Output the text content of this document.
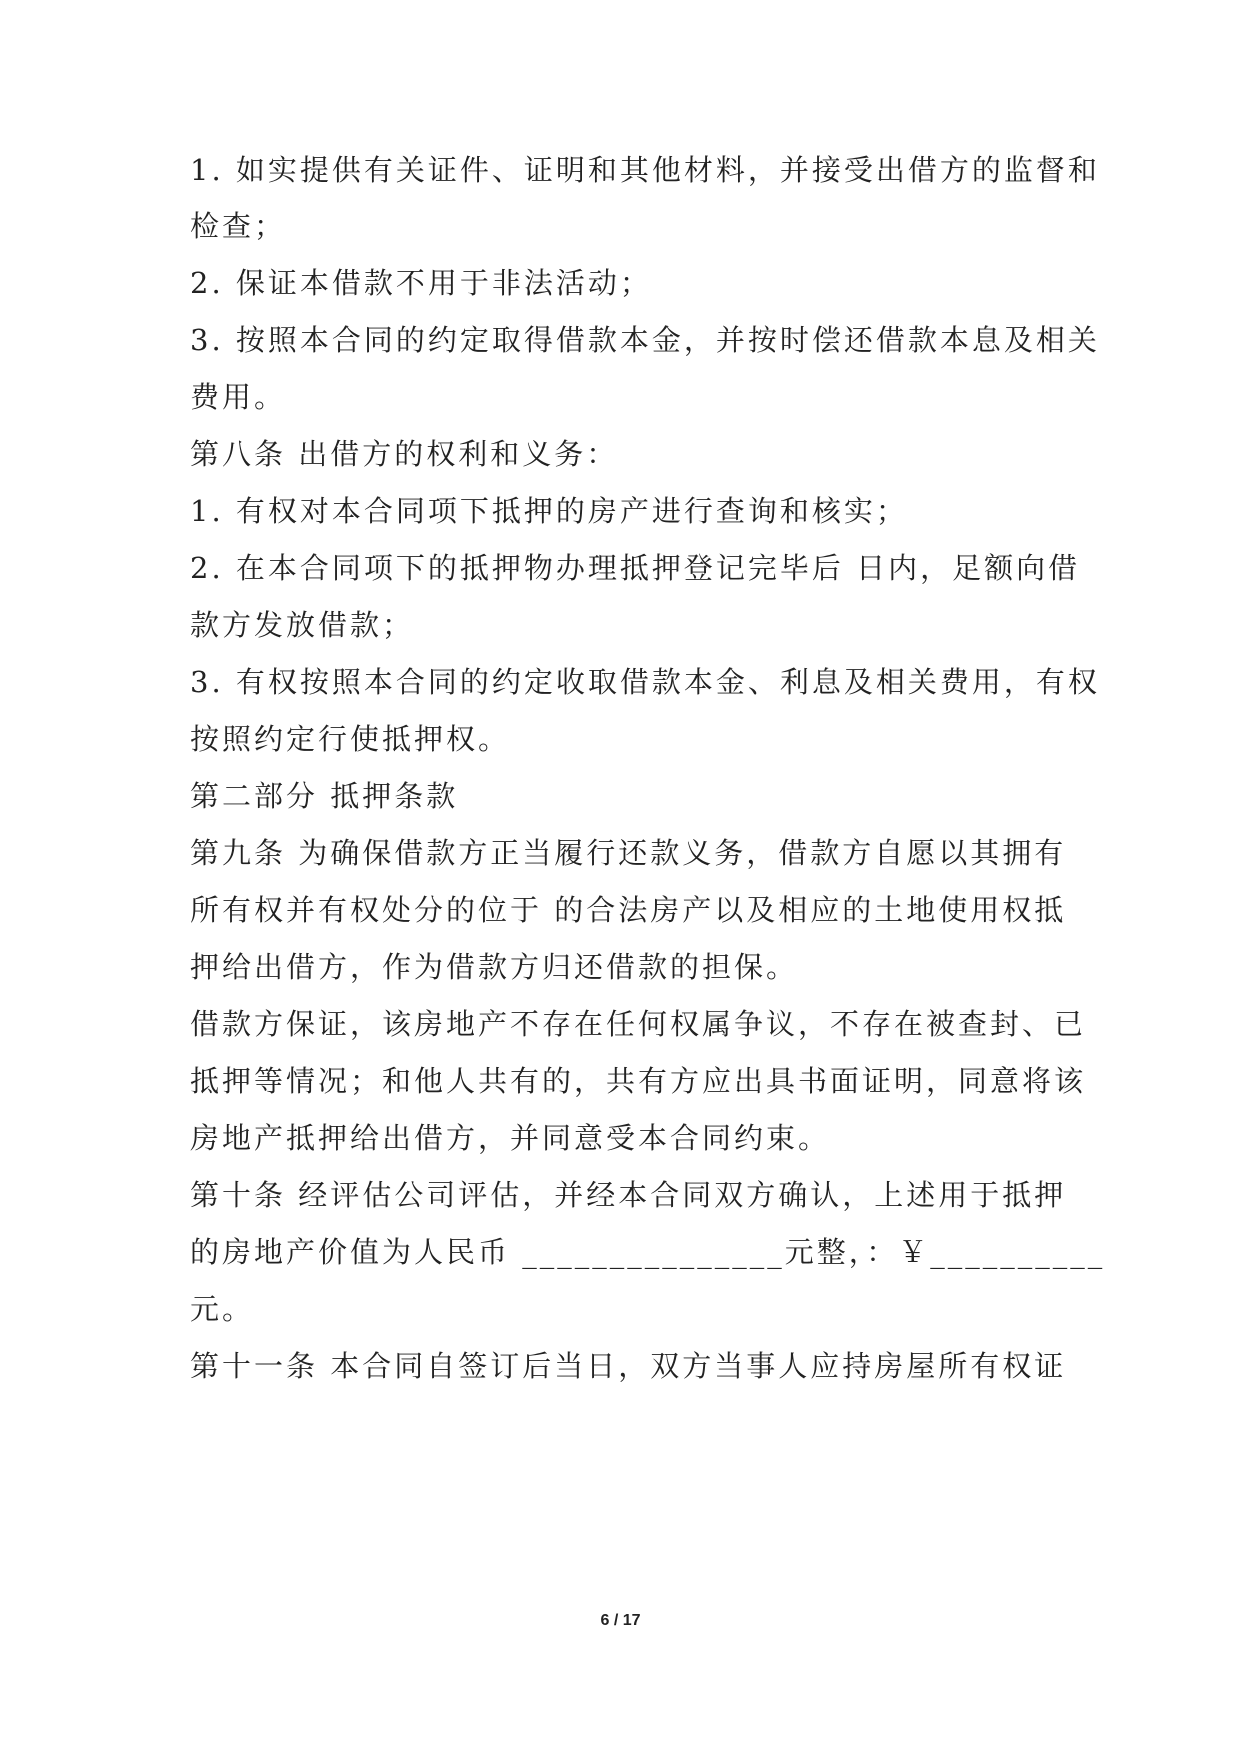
1. 如实提供有关证件、证明和其他材料，并接受出借方的监督和
检查；
2. 保证本借款不用于非法活动；
3. 按照本合同的约定取得借款本金，并按时偿还借款本息及相关
费用。
第八条 出借方的权利和义务：
1. 有权对本合同项下抵押的房产进行查询和核实；
2. 在本合同项下的抵押物办理抵押登记完毕后 日内，足额向借
款方发放借款；
3. 有权按照本合同的约定收取借款本金、利息及相关费用，有权
按照约定行使抵押权。
第二部分 抵押条款
第九条 为确保借款方正当履行还款义务，借款方自愿以其拥有
所有权并有权处分的位于 的合法房产以及相应的土地使用权抵
押给出借方，作为借款方归还借款的担保。
借款方保证，该房地产不存在任何权属争议，不存在被查封、已
抵押等情况；和他人共有的，共有方应出具书面证明，同意将该
房地产抵押给出借方，并同意受本合同约束。
第十条 经评估公司评估，并经本合同双方确认，上述用于抵押
的房地产价值为人民币 _______________元整，：￥__________
元。
第十一条 本合同自签订后当日，双方当事人应持房屋所有权证
6 / 17
